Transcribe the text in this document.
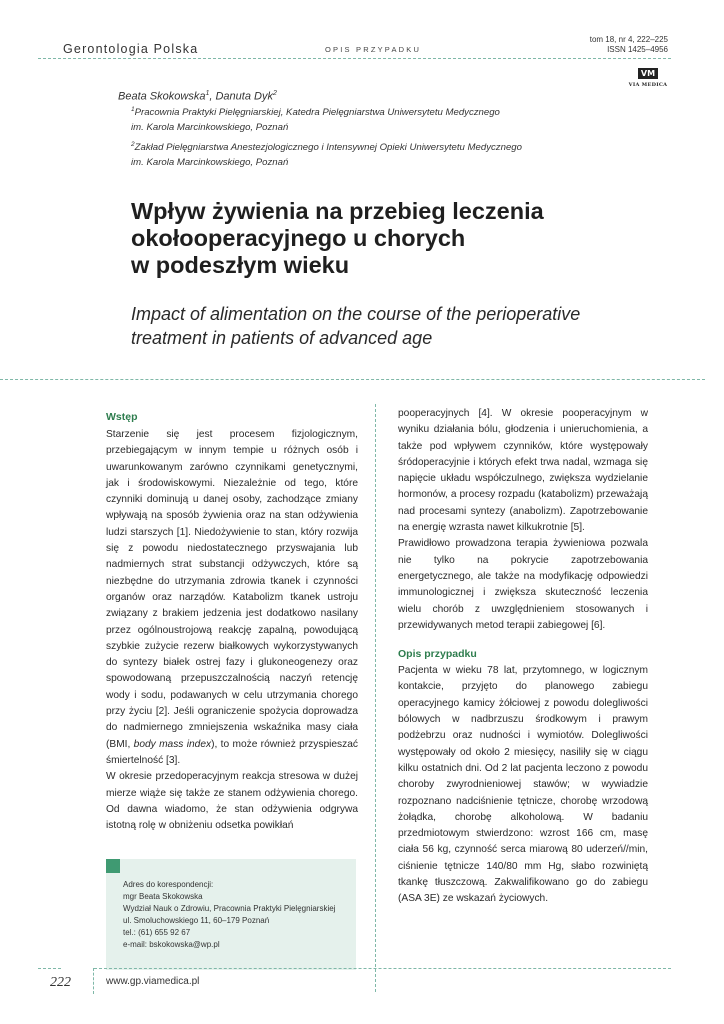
Gerontologia Polska	OPIS PRZYPADKU
tom 18, nr 4, 222–225
ISSN 1425–4956
VM
VIA MEDICA
Beata Skokowska$^1$, Danuta Dyk$^2$
$^1$Pracownia Praktyki Pielęgniarskiej, Katedra Pielęgniarstwa Uniwersytetu Medycznego
im. Karola Marcinkowskiego, Poznań
$^2$Zakład Pielęgniarstwa Anestezjologicznego i Intensywnej Opieki Uniwersytetu Medycznego
im. Karola Marcinkowskiego, Poznań
Wpływ żywienia na przebieg leczenia
okołooperacyjnego u chorych
w podeszłym wieku
Impact of alimentation on the course of the perioperative
treatment in patients of advanced age
Wstęp

Starzenie się jest procesem fizjologicznym, przebiegającym w innym tempie u różnych osób i uwarunkowanym zarówno czynnikami genetycznymi, jak i środowiskowymi. Niezależnie od tego, które czynniki dominują u danej osoby, zachodzące zmiany wpływają na sposób żywienia oraz na stan odżywienia ludzi starszych [1]. Niedożywienie to stan, który rozwija się z powodu niedostatecznego przyswajania lub nadmiernych strat substancji odżywczych, które są niezbędne do utrzymania zdrowia tkanek i czynności organów oraz narządów. Katabolizm tkanek ustroju związany z brakiem jedzenia jest dodatkowo nasilany przez ogólnoustrojową reakcję zapalną, powodującą szybkie zużycie rezerw białkowych wykorzystywanych do syntezy białek ostrej fazy i glukoneogenezy oraz spowodowaną przepuszczalnością naczyń retencję wody i sodu, podawanych w celu utrzymania chorego przy życiu [2]. Jeśli ograniczenie spożycia doprowadza do nadmiernego zmniejszenia wskaźnika masy ciała (BMI, body mass index), to może również przyspieszać śmiertelność [3].

W okresie przedoperacyjnym reakcja stresowa w dużej mierze wiąże się także ze stanem odżywienia chorego. Od dawna wiadomo, że stan odżywienia odgrywa istotną rolę w obniżeniu odsetka powikłań

pooperacyjnych [4]. W okresie pooperacyjnym w wyniku działania bólu, głodzenia i unieruchomienia, a także pod wpływem czynników, które występowały śródoperacyjnie i których efekt trwa nadal, wzmaga się napięcie układu współczulnego, zwiększa wydzielanie hormonów, a procesy rozpadu (katabolizm) przeważają nad procesami syntezy (anabolizm). Zapotrzebowanie na energię wzrasta nawet kilkukrotnie [5].

Prawidłowo prowadzona terapia żywieniowa pozwala nie tylko na pokrycie zapotrzebowania energetycznego, ale także na modyfikację odpowiedzi immunologicznej i zwiększa skuteczność leczenia wielu chorób z uwzględnieniem stosowanych i przewidywanych metod terapii zabiegowej [6].

Opis przypadku

Pacjenta w wieku 78 lat, przytomnego, w logicznym kontakcie, przyjęto do planowego zabiegu operacyjnego kamicy żółciowej z powodu dolegliwości bólowych w nadbrzuszu środkowym i prawym podżebrzu oraz nudności i wymiotów. Dolegliwości występowały od około 2 miesięcy, nasiliły się w ciągu kilku ostatnich dni. Od 2 lat pacjenta leczono z powodu choroby zwyrodnieniowej stawów; w wywiadzie rozpoznano nadciśnienie tętnicze, chorobę wrzodową żołądka, chorobę alkoholową. W badaniu przedmiotowym stwierdzono: wzrost 166 cm, masę ciała 56 kg, czynność serca miarową 80 uderzeń//min, ciśnienie tętnicze 140/80 mm Hg, słabo rozwiniętą tkankę tłuszczową. Zakwalifikowano go do zabiegu (ASA 3E) ze wskazań życiowych.

Adres do korespondencji:
mgr Beata Skokowska
Wydział Nauk o Zdrowiu, Pracownia Praktyki Pielęgniarskiej
ul. Smoluchowskiego 11, 60–179 Poznań
tel.: (61) 655 92 67
e-mail: bskokowska@wp.pl
222	www.gp.viamedica.pl
